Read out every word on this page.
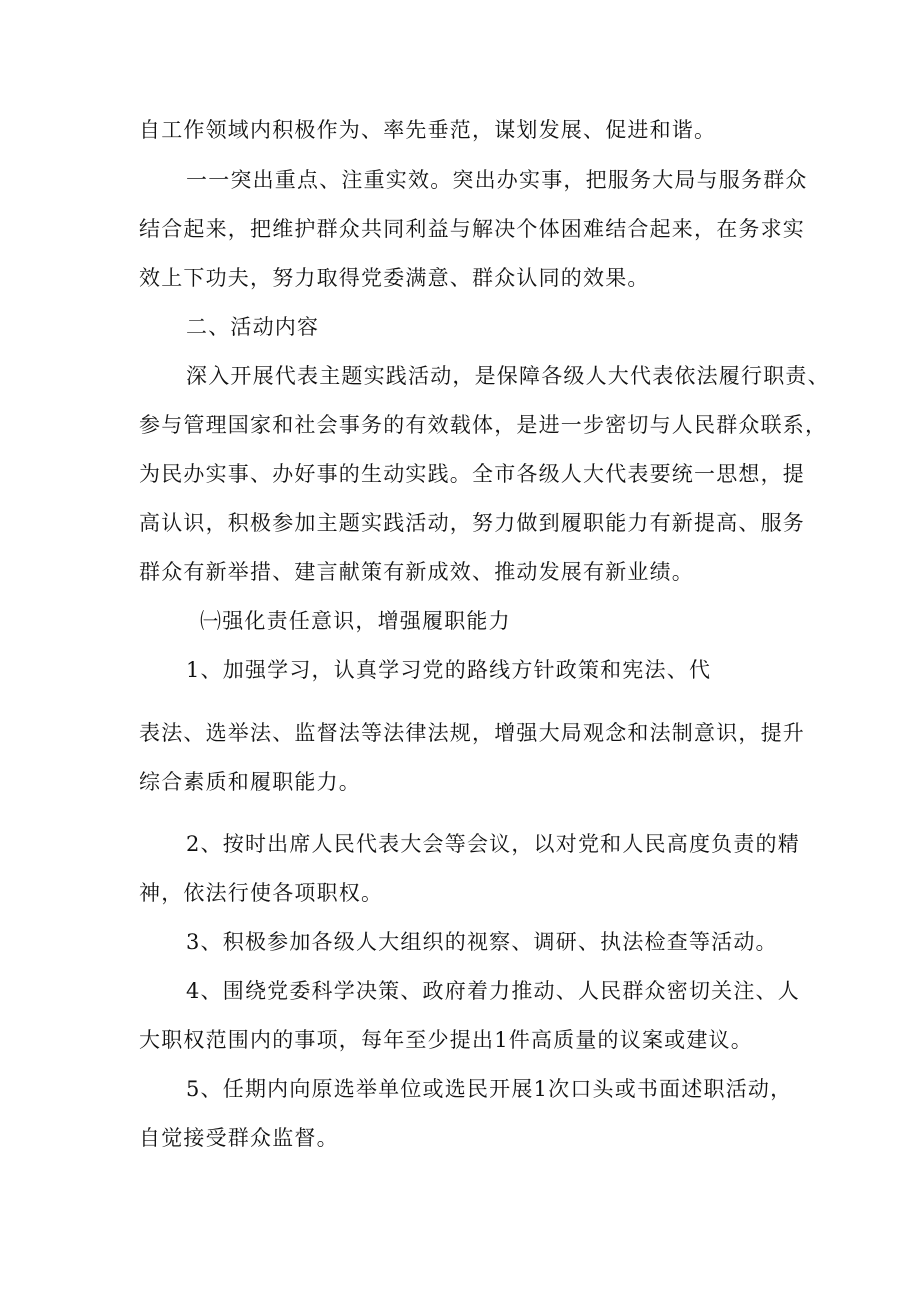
自工作领域内积极作为、率先垂范，谋划发展、促进和谐。

一一突出重点、注重实效。突出办实事，把服务大局与服务群众

结合起来，把维护群众共同利益与解决个体困难结合起来，在务求实

效上下功夫，努力取得党委满意、群众认同的效果。

二、活动内容

深入开展代表主题实践活动，是保障各级人大代表依法履行职责、

参与管理国家和社会事务的有效载体，是进一步密切与人民群众联系，

为民办实事、办好事的生动实践。全市各级人大代表要统一思想，提

高认识，积极参加主题实践活动，努力做到履职能力有新提高、服务

群众有新举措、建言献策有新成效、推动发展有新业绩。

㈠强化责任意识，增强履职能力

1、加强学习，认真学习党的路线方针政策和宪法、代

表法、选举法、监督法等法律法规，增强大局观念和法制意识，提升

综合素质和履职能力。

2、按时出席人民代表大会等会议，以对党和人民高度负责的精

神，依法行使各项职权。

3、积极参加各级人大组织的视察、调研、执法检查等活动。

4、围绕党委科学决策、政府着力推动、人民群众密切关注、人

大职权范围内的事项，每年至少提出1件高质量的议案或建议。

5、任期内向原选举单位或选民开展1次口头或书面述职活动，

自觉接受群众监督。
